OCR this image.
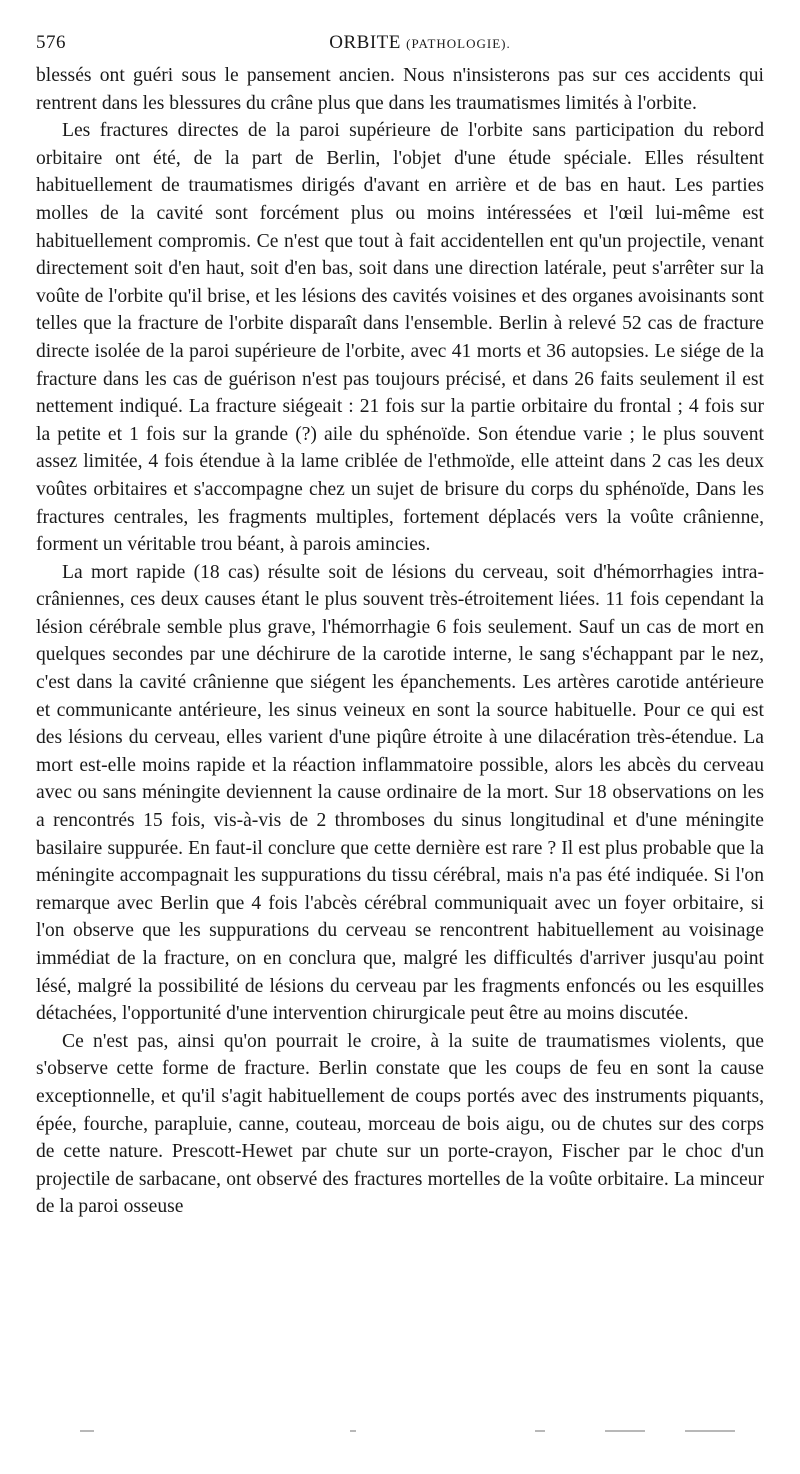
576	ORBITE (PATHOLOGIE).

blessés ont guéri sous le pansement ancien. Nous n'insisterons pas sur ces accidents qui rentrent dans les blessures du crâne plus que dans les traumatismes limités à l'orbite.

Les fractures directes de la paroi supérieure de l'orbite sans participation du rebord orbitaire ont été, de la part de Berlin, l'objet d'une étude spéciale. Elles résultent habituellement de traumatismes dirigés d'avant en arrière et de bas en haut. Les parties molles de la cavité sont forcément plus ou moins intéressées et l'œil lui-même est habituellement compromis. Ce n'est que tout à fait accidentellen ent qu'un projectile, venant directement soit d'en haut, soit d'en bas, soit dans une direction latérale, peut s'arrêter sur la voûte de l'orbite qu'il brise, et les lésions des cavités voisines et des organes avoisinants sont telles que la fracture de l'orbite disparaît dans l'ensemble. Berlin à relevé 52 cas de fracture directe isolée de la paroi supérieure de l'orbite, avec 41 morts et 36 autopsies. Le siége de la fracture dans les cas de guérison n'est pas toujours précisé, et dans 26 faits seulement il est nettement indiqué. La fracture siégeait : 21 fois sur la partie orbitaire du frontal ; 4 fois sur la petite et 1 fois sur la grande (?) aile du sphénoïde. Son étendue varie ; le plus souvent assez limitée, 4 fois étendue à la lame criblée de l'ethmoïde, elle atteint dans 2 cas les deux voûtes orbitaires et s'accompagne chez un sujet de brisure du corps du sphénoïde, Dans les fractures centrales, les fragments multiples, fortement déplacés vers la voûte crânienne, forment un véritable trou béant, à parois amincies.

La mort rapide (18 cas) résulte soit de lésions du cerveau, soit d'hémorrhagies intra-crâniennes, ces deux causes étant le plus souvent très-étroitement liées. 11 fois cependant la lésion cérébrale semble plus grave, l'hémorrhagie 6 fois seulement. Sauf un cas de mort en quelques secondes par une déchirure de la carotide interne, le sang s'échappant par le nez, c'est dans la cavité crânienne que siégent les épanchements. Les artères carotide antérieure et communicante antérieure, les sinus veineux en sont la source habituelle. Pour ce qui est des lésions du cerveau, elles varient d'une piqûre étroite à une dilacération très-étendue. La mort est-elle moins rapide et la réaction inflammatoire possible, alors les abcès du cerveau avec ou sans méningite deviennent la cause ordinaire de la mort. Sur 18 observations on les a rencontrés 15 fois, vis-à-vis de 2 thromboses du sinus longitudinal et d'une méningite basilaire suppurée. En faut-il conclure que cette dernière est rare ? Il est plus probable que la méningite accompagnait les suppurations du tissu cérébral, mais n'a pas été indiquée. Si l'on remarque avec Berlin que 4 fois l'abcès cérébral communiquait avec un foyer orbitaire, si l'on observe que les suppurations du cerveau se rencontrent habituellement au voisinage immédiat de la fracture, on en conclura que, malgré les difficultés d'arriver jusqu'au point lésé, malgré la possibilité de lésions du cerveau par les fragments enfoncés ou les esquilles détachées, l'opportunité d'une intervention chirurgicale peut être au moins discutée.

Ce n'est pas, ainsi qu'on pourrait le croire, à la suite de traumatismes violents, que s'observe cette forme de fracture. Berlin constate que les coups de feu en sont la cause exceptionnelle, et qu'il s'agit habituellement de coups portés avec des instruments piquants, épée, fourche, parapluie, canne, couteau, morceau de bois aigu, ou de chutes sur des corps de cette nature. Prescott-Hewet par chute sur un porte-crayon, Fischer par le choc d'un projectile de sarbacane, ont observé des fractures mortelles de la voûte orbitaire. La minceur de la paroi osseuse
